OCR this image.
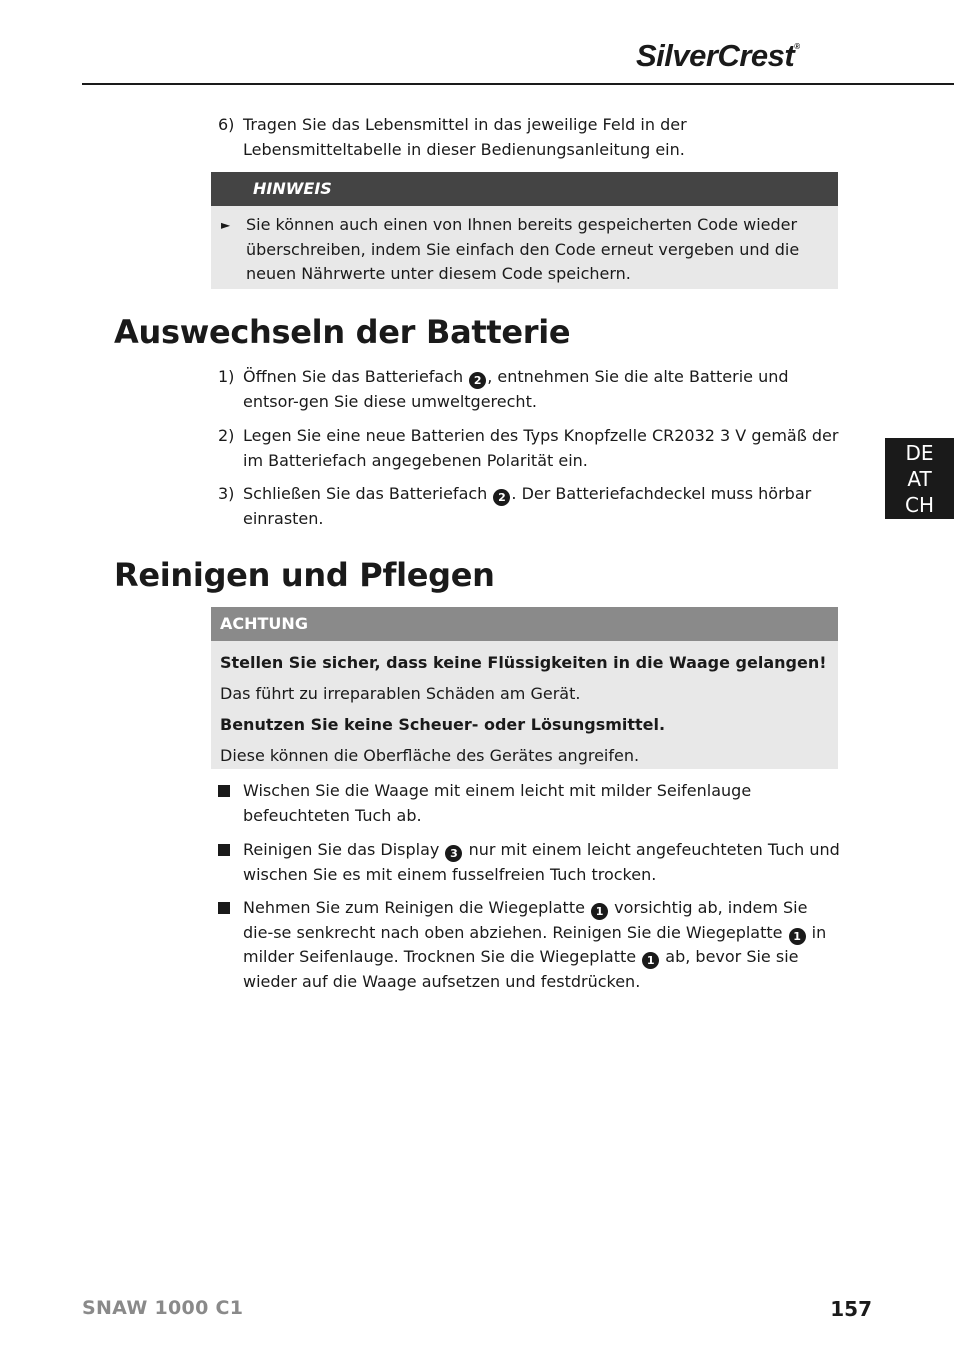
SilverCrest®
6) Tragen Sie das Lebensmittel in das jeweilige Feld in der Lebensmitteltabelle in dieser Bedienungsanleitung ein.
HINWEIS
► Sie können auch einen von Ihnen bereits gespeicherten Code wieder überschreiben, indem Sie einfach den Code erneut vergeben und die neuen Nährwerte unter diesem Code speichern.
Auswechseln der Batterie
1) Öffnen Sie das Batteriefach 2 , entnehmen Sie die alte Batterie und entsor-gen Sie diese umweltgerecht.
2) Legen Sie eine neue Batterien des Typs Knopfzelle CR2032 3 V gemäß der im Batteriefach angegebenen Polarität ein.
3) Schließen Sie das Batteriefach 2 . Der Batteriefachdeckel muss hörbar einrasten.
Reinigen und Pflegen
ACHTUNG
Stellen Sie sicher, dass keine Flüssigkeiten in die Waage gelangen!
Das führt zu irreparablen Schäden am Gerät.
Benutzen Sie keine Scheuer- oder Lösungsmittel.
Diese können die Oberfläche des Gerätes angreifen.
Wischen Sie die Waage mit einem leicht mit milder Seifenlauge befeuchteten Tuch ab.
Reinigen Sie das Display 3 nur mit einem leicht angefeuchteten Tuch und wischen Sie es mit einem fusselfreien Tuch trocken.
Nehmen Sie zum Reinigen die Wiegeplatte 1 vorsichtig ab, indem Sie die-se senkrecht nach oben abziehen. Reinigen Sie die Wiegeplatte 1 in milder Seifenlauge. Trocknen Sie die Wiegeplatte 1 ab, bevor Sie sie wieder auf die Waage aufsetzen und festdrücken.
DE
AT
CH
SNAW 1000 C1	157
